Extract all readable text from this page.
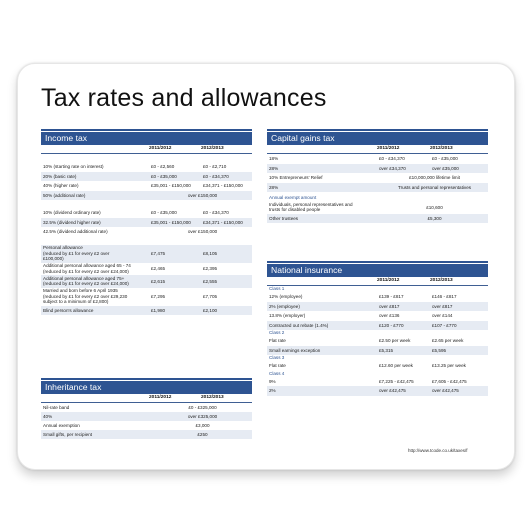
Tax rates and allowances
Income tax
2011/2012	2012/2013
10% (starting rate on interest)	£0 - £2,560	£0 - £2,710
20% (basic rate)	£0 - £35,000	£0 - £34,370
40% (higher rate)	£35,001 - £150,000	£34,371 - £150,000
50% (additional rate)	over £150,000
10% (dividend ordinary rate)	£0 - £35,000	£0 - £34,370
32.5% (dividend higher rate)	£35,001 - £150,000	£34,371 - £150,000
42.5% (dividend additional rate)	over £150,000
Personal allowance
(reduced by £1 for every £2 over
£100,000)
£7,475	£8,105
Additional personal allowance aged 65 - 74
(reduced by £1 for every £2 over £24,000)
£2,465	£2,395
Additional personal allowance aged 75+
(reduced by £1 for every £2 over £24,000)
£2,615	£2,555
Married and born before 6 April 1935
(reduced by £1 for every £2 over £29,230
subject to a minimum of £2,800)
£7,295	£7,705
Blind person's allowance	£1,980	£2,100
Inheritance tax
2011/2012	2012/2013
Nil-rate band	£0 - £325,000
40%	over £325,000
Annual exemption	£3,000
Small gifts, per recipient	£250
Capital gains tax
2011/2012	2012/2013
18%	£0 - £34,370	£0 - £35,000
28%	over £34,370	over £35,000
10% Entrepreneurs' Relief	£10,000,000 lifetime limit
28%	Trusts and personal representatives
Annual exempt amount
Individuals, personal representatives and
trusts for disabled people
£10,600
Other trustees	£5,300
National insurance
2011/2012	2012/2013
Class 1
12% (employee)	£139 - £817	£146 - £817
2% (employee)	over £817	over £817
13.8% (employer)	over £136	over £144
Contracted out rebate (1.4%)	£120 - £770	£107 - £770
Class 2
Flat rate	£2.50 per week	£2.65 per week
Small earnings exception	£5,315	£5,595
Class 3
Flat rate	£12.60 per week	£13.25 per week
Class 4
9%	£7,225 - £42,475	£7,605 - £42,475
2%	over £42,475	over £42,475
http://www.tcode.co.uk/taxes/f
